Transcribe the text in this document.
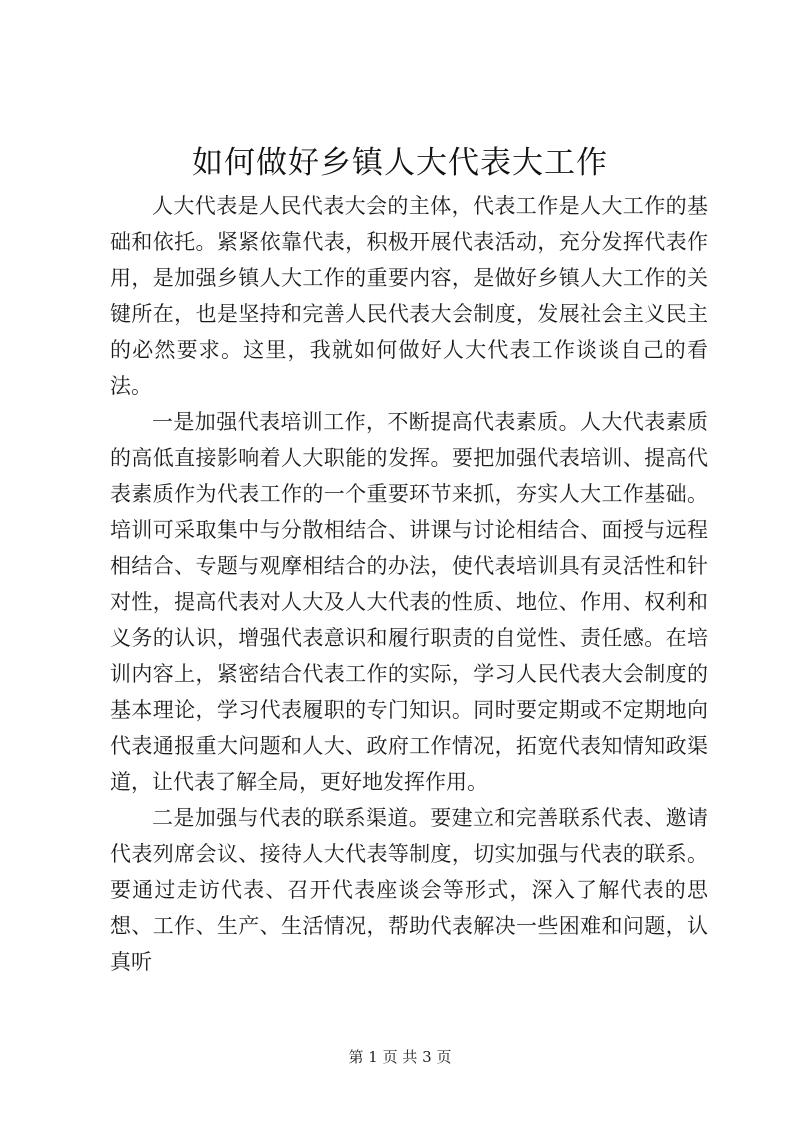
如何做好乡镇人大代表大工作

人大代表是人民代表大会的主体，代表工作是人大工作的基础和依托。紧紧依靠代表，积极开展代表活动，充分发挥代表作用，是加强乡镇人大工作的重要内容，是做好乡镇人大工作的关键所在，也是坚持和完善人民代表大会制度，发展社会主义民主的必然要求。这里，我就如何做好人大代表工作谈谈自己的看法。

一是加强代表培训工作，不断提高代表素质。人大代表素质的高低直接影响着人大职能的发挥。要把加强代表培训、提高代表素质作为代表工作的一个重要环节来抓，夯实人大工作基础。培训可采取集中与分散相结合、讲课与讨论相结合、面授与远程相结合、专题与观摩相结合的办法，使代表培训具有灵活性和针对性，提高代表对人大及人大代表的性质、地位、作用、权利和义务的认识，增强代表意识和履行职责的自觉性、责任感。在培训内容上，紧密结合代表工作的实际，学习人民代表大会制度的基本理论，学习代表履职的专门知识。同时要定期或不定期地向代表通报重大问题和人大、政府工作情况，拓宽代表知情知政渠道，让代表了解全局，更好地发挥作用。

二是加强与代表的联系渠道。要建立和完善联系代表、邀请代表列席会议、接待人大代表等制度，切实加强与代表的联系。要通过走访代表、召开代表座谈会等形式，深入了解代表的思想、工作、生产、生活情况，帮助代表解决一些困难和问题，认真听

第 1 页 共 3 页
